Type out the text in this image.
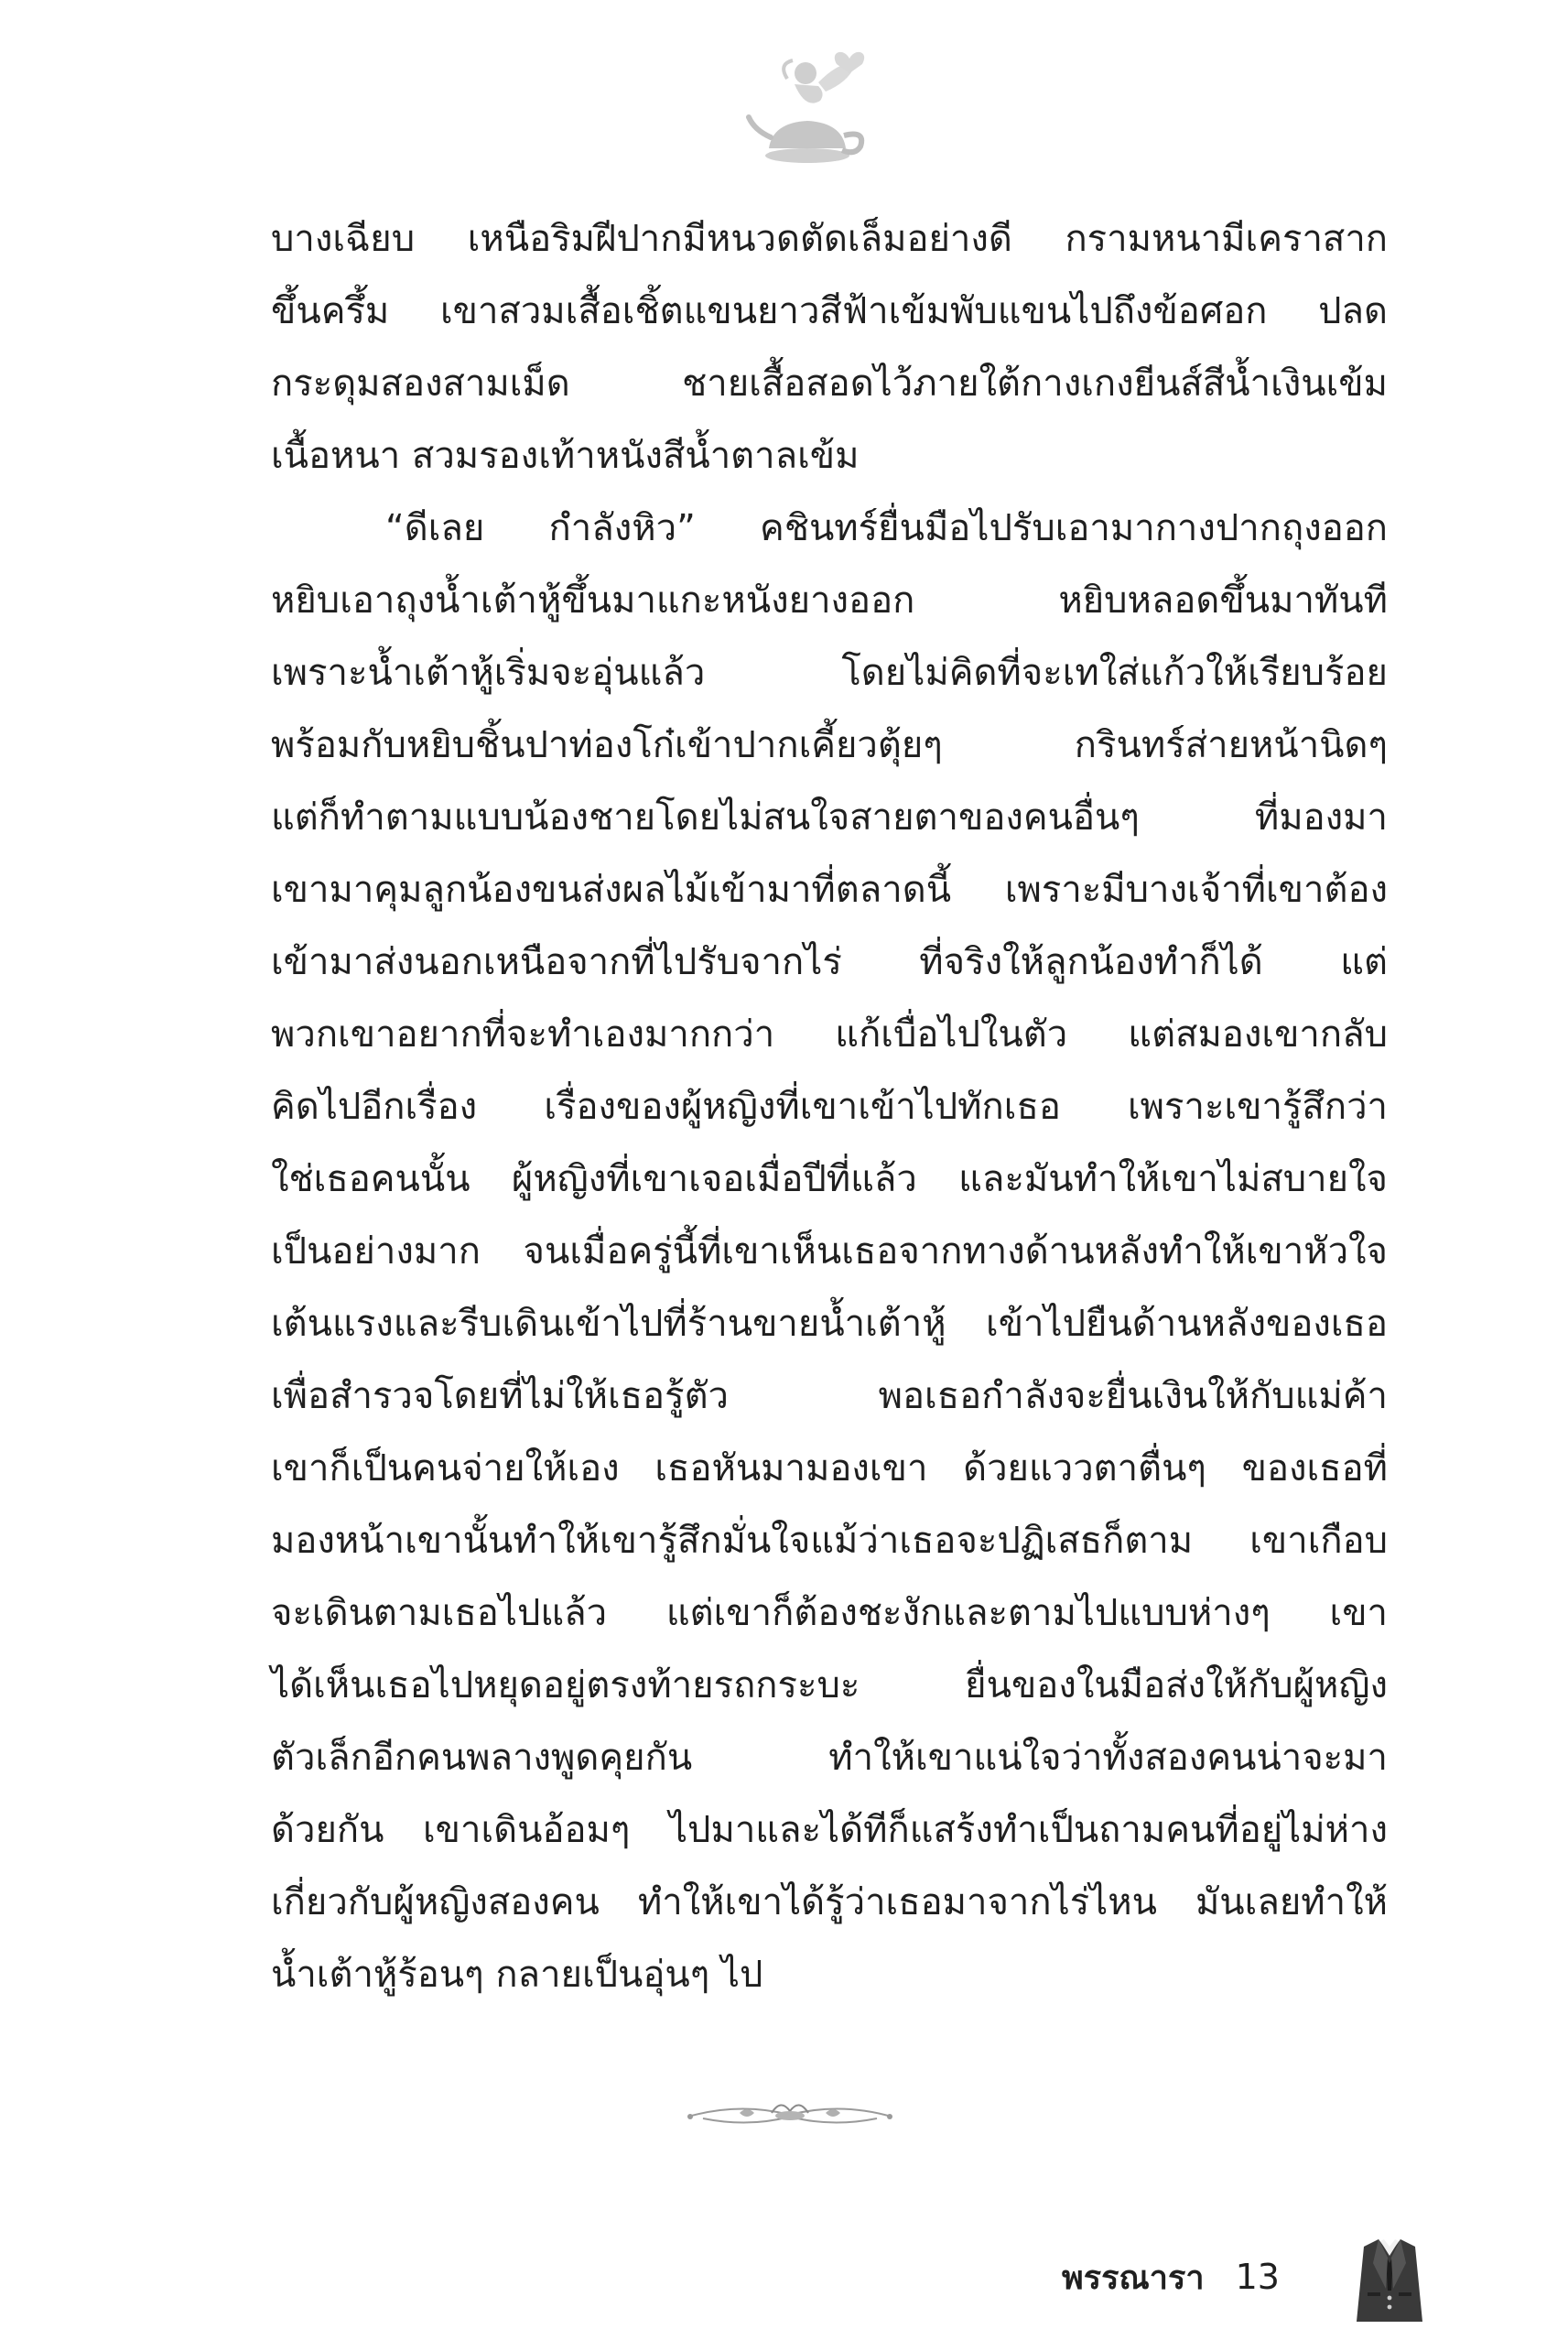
บางเฉียบ เหนือริมฝีปากมีหนวดตัดเล็มอย่างดี กรามหนามีเคราสาก
ขึ้นครึ้ม เขาสวมเสื้อเชิ้ตแขนยาวสีฟ้าเข้มพับแขนไปถึงข้อศอก ปลด
กระดุมสองสามเม็ด ชายเสื้อสอดไว้ภายใต้กางเกงยีนส์สีน้ำเงินเข้ม
เนื้อหนา สวมรองเท้าหนังสีน้ำตาลเข้ม
“ดีเลย กำลังหิว” คชินทร์ยื่นมือไปรับเอามากางปากถุงออก
หยิบเอาถุงน้ำเต้าหู้ขึ้นมาแกะหนังยางออก หยิบหลอดขึ้นมาทันที
เพราะน้ำเต้าหู้เริ่มจะอุ่นแล้ว โดยไม่คิดที่จะเทใส่แก้วให้เรียบร้อย
พร้อมกับหยิบชิ้นปาท่องโก๋เข้าปากเคี้ยวตุ้ยๆ กรินทร์ส่ายหน้านิดๆ
แต่ก็ทำตามแบบน้องชายโดยไม่สนใจสายตาของคนอื่นๆ ที่มองมา
เขามาคุมลูกน้องขนส่งผลไม้เข้ามาที่ตลาดนี้ เพราะมีบางเจ้าที่เขาต้อง
เข้ามาส่งนอกเหนือจากที่ไปรับจากไร่ ที่จริงให้ลูกน้องทำก็ได้ แต่
พวกเขาอยากที่จะทำเองมากกว่า แก้เบื่อไปในตัว แต่สมองเขากลับ
คิดไปอีกเรื่อง เรื่องของผู้หญิงที่เขาเข้าไปทักเธอ เพราะเขารู้สึกว่า
ใช่เธอคนนั้น ผู้หญิงที่เขาเจอเมื่อปีที่แล้ว และมันทำให้เขาไม่สบายใจ
เป็นอย่างมาก จนเมื่อครู่นี้ที่เขาเห็นเธอจากทางด้านหลังทำให้เขาหัวใจ
เต้นแรงและรีบเดินเข้าไปที่ร้านขายน้ำเต้าหู้ เข้าไปยืนด้านหลังของเธอ
เพื่อสำรวจโดยที่ไม่ให้เธอรู้ตัว พอเธอกำลังจะยื่นเงินให้กับแม่ค้า
เขาก็เป็นคนจ่ายให้เอง เธอหันมามองเขา ด้วยแววตาตื่นๆ ของเธอที่
มองหน้าเขานั้นทำให้เขารู้สึกมั่นใจแม้ว่าเธอจะปฏิเสธก็ตาม เขาเกือบ
จะเดินตามเธอไปแล้ว แต่เขาก็ต้องชะงักและตามไปแบบห่างๆ เขา
ได้เห็นเธอไปหยุดอยู่ตรงท้ายรถกระบะ ยื่นของในมือส่งให้กับผู้หญิง
ตัวเล็กอีกคนพลางพูดคุยกัน ทำให้เขาแน่ใจว่าทั้งสองคนน่าจะมา
ด้วยกัน เขาเดินอ้อมๆ ไปมาและได้ทีก็แสร้งทำเป็นถามคนที่อยู่ไม่ห่าง
เกี่ยวกับผู้หญิงสองคน ทำให้เขาได้รู้ว่าเธอมาจากไร่ไหน มันเลยทำให้
น้ำเต้าหู้ร้อนๆ กลายเป็นอุ่นๆ ไป
พรรณารา 13
